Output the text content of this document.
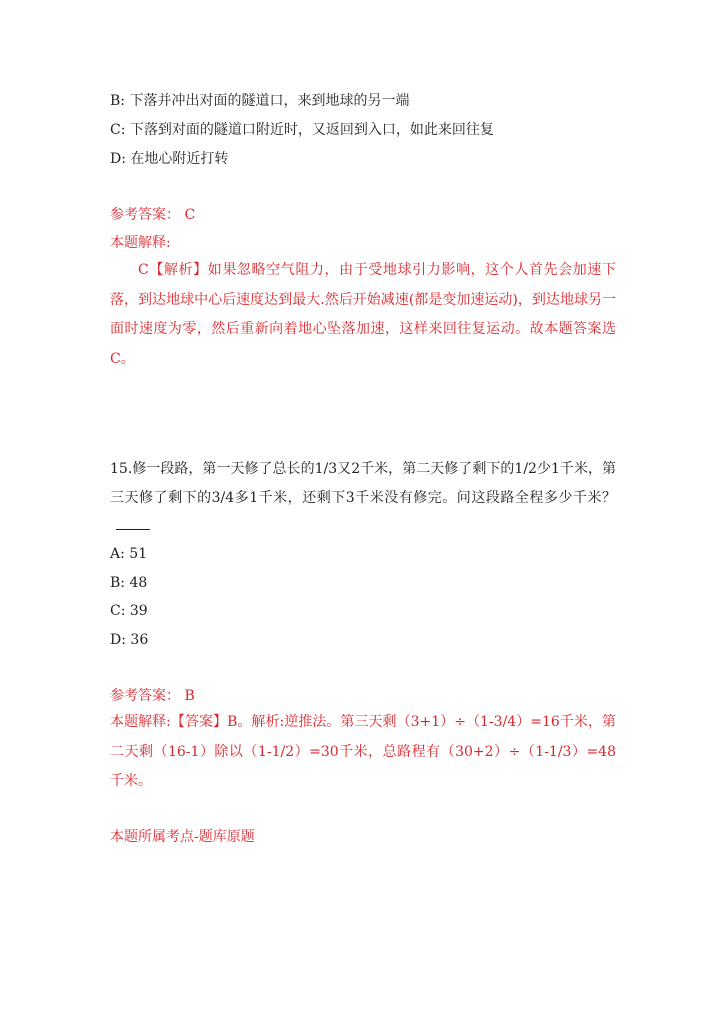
B: 下落并冲出对面的隧道口，来到地球的另一端
C: 下落到对面的隧道口附近时，又返回到入口，如此来回往复
D: 在地心附近打转
参考答案： C
本题解释:
C【解析】如果忽略空气阻力，由于受地球引力影响，这个人首先会加速下落，到达地球中心后速度达到最大.然后开始减速(都是变加速运动)，到达地球另一面时速度为零，然后重新向着地心坠落加速，这样来回往复运动。故本题答案选C。
15.修一段路，第一天修了总长的1/3又2千米，第二天修了剩下的1/2少1千米，第三天修了剩下的3/4多1千米，还剩下3千米没有修完。问这段路全程多少千米？
A: 51
B: 48
C: 39
D: 36
参考答案： B
本题解释:【答案】B。解析:逆推法。第三天剩（3+1）÷（1-3/4）=16千米，第二天剩（16-1）除以（1-1/2）=30千米，总路程有（30+2）÷（1-1/3）=48千米。
本题所属考点-题库原题
